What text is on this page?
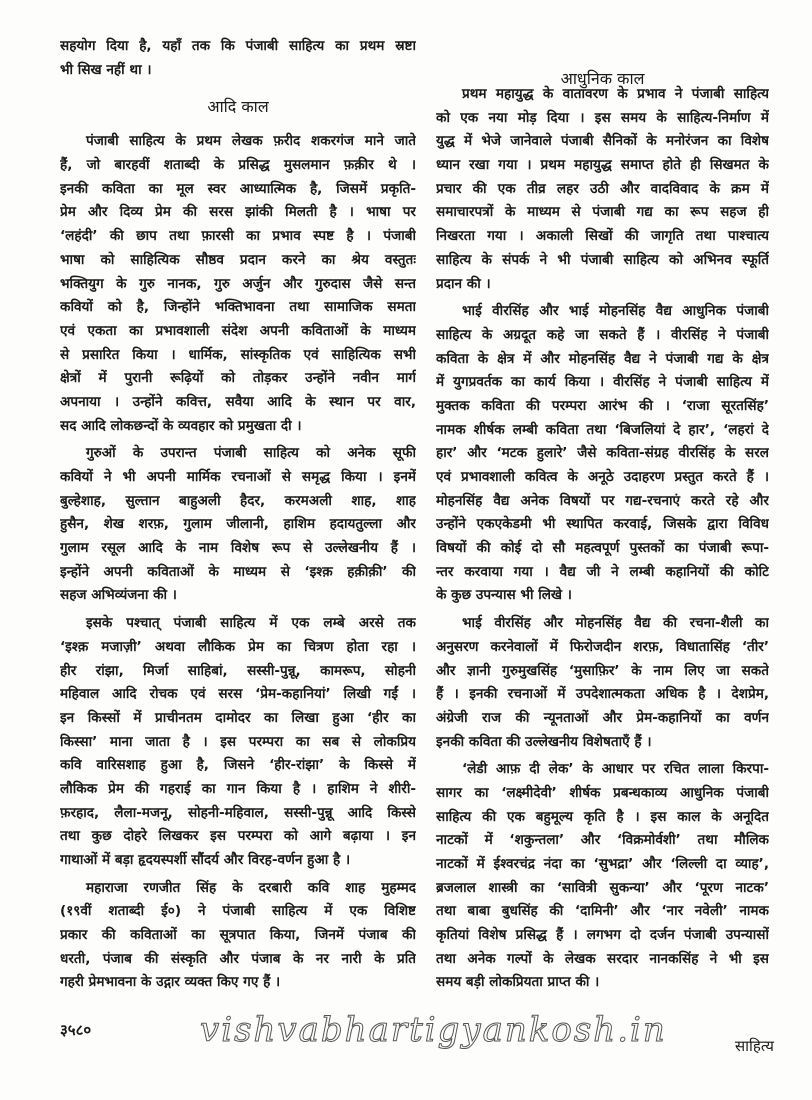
सहयोग दिया है, यहाँ तक कि पंजाबी साहित्य का प्रथम स्रष्टा
भी सिख नहीं था ।
आदि काल
पंजाबी साहित्य के प्रथम लेखक फ़रीद शकरगंज माने जाते
हैं, जो बारहवीं शताब्दी के प्रसिद्ध मुसलमान फ़क़ीर थे ।
इनकी कविता का मूल स्वर आध्यात्मिक है, जिसमें प्रकृति-
प्रेम और दिव्य प्रेम की सरस झांकी मिलती है । भाषा पर
‘लहंदी’ की छाप तथा फ़ारसी का प्रभाव स्पष्ट है । पंजाबी
भाषा को साहित्यिक सौष्ठव प्रदान करने का श्रेय वस्तुतः
भक्तियुग के गुरु नानक, गुरु अर्जुन और गुरुदास जैसे सन्त
कवियों को है, जिन्होंने भक्तिभावना तथा सामाजिक समता
एवं एकता का प्रभावशाली संदेश अपनी कविताओं के माध्यम
से प्रसारित किया । धार्मिक, सांस्कृतिक एवं साहित्यिक सभी
क्षेत्रों में पुरानी रूढ़ियों को तोड़कर उन्होंने नवीन मार्ग
अपनाया । उन्होंने कवित्त, सवैया आदि के स्थान पर वार,
सद आदि लोकछन्दों के व्यवहार को प्रमुखता दी ।
गुरुओं के उपरान्त पंजाबी साहित्य को अनेक सूफी
कवियों ने भी अपनी मार्मिक रचनाओं से समृद्ध किया । इनमें
बुल्हेशाह, सुल्तान बाहुअली हैदर, करमअली शाह, शाह
हुसैन, शेख शरफ़, गुलाम जीलानी, हाशिम हदायतुल्ला और
गुलाम रसूल आदि के नाम विशेष रूप से उल्लेखनीय हैं ।
इन्होंने अपनी कविताओं के माध्यम से ‘इश्क़ हक़ीक़ी’ की
सहज अभिव्यंजना की ।
इसके पश्चात् पंजाबी साहित्य में एक लम्बे अरसे तक
‘इश्क़ मजाज़ी’ अथवा लौकिक प्रेम का चित्रण होता रहा ।
हीर रांझा, मिर्जा साहिबां, सस्सी-पुन्नू, कामरूप, सोहनी
महिवाल आदि रोचक एवं सरस ‘प्रेम-कहानियां’ लिखी गईं ।
इन किस्सों में प्राचीनतम दामोदर का लिखा हुआ ‘हीर का
किस्सा’ माना जाता है । इस परम्परा का सब से लोकप्रिय
कवि वारिसशाह हुआ है, जिसने ‘हीर-रांझा’ के किस्से में
लौकिक प्रेम की गहराई का गान किया है । हाशिम ने शीरी-
फ़रहाद, लैला-मजनू, सोहनी-महिवाल, सस्सी-पुन्नू आदि किस्से
तथा कुछ दोहरे लिखकर इस परम्परा को आगे बढ़ाया । इन
गाथाओं में बड़ा हृदयस्पर्शी सौंदर्य और विरह-वर्णन हुआ है ।
महाराजा रणजीत सिंह के दरबारी कवि शाह मुहम्मद
(१९वीं शताब्दी ई०) ने पंजाबी साहित्य में एक विशिष्ट
प्रकार की कविताओं का सूत्रपात किया, जिनमें पंजाब की
धरती, पंजाब की संस्कृति और पंजाब के नर नारी के प्रति
गहरी प्रेमभावना के उद्गार व्यक्त किए गए हैं ।
आधुनिक काल
प्रथम महायुद्ध के वातावरण के प्रभाव ने पंजाबी साहित्य
को एक नया मोड़ दिया । इस समय के साहित्य-निर्माण में
युद्ध में भेजे जानेवाले पंजाबी सैनिकों के मनोरंजन का विशेष
ध्यान रखा गया । प्रथम महायुद्ध समाप्त होते ही सिखमत के
प्रचार की एक तीव्र लहर उठी और वादविवाद के क्रम में
समाचारपत्रों के माध्यम से पंजाबी गद्य का रूप सहज ही
निखरता गया । अकाली सिखों की जागृति तथा पाश्चात्य
साहित्य के संपर्क ने भी पंजाबी साहित्य को अभिनव स्फूर्ति
प्रदान की ।
भाई वीरसिंह और भाई मोहनसिंह वैद्य आधुनिक पंजाबी
साहित्य के अग्रदूत कहे जा सकते हैं । वीरसिंह ने पंजाबी
कविता के क्षेत्र में और मोहनसिंह वैद्य ने पंजाबी गद्य के क्षेत्र
में युगप्रवर्तक का कार्य किया । वीरसिंह ने पंजाबी साहित्य में
मुक्तक कविता की परम्परा आरंभ की । ‘राजा सूरतसिंह’
नामक शीर्षक लम्बी कविता तथा ‘बिजलियां दे हार’, ‘लहरां दे
हार’ और ‘मटक हुलारे’ जैसे कविता-संग्रह वीरसिंह के सरल
एवं प्रभावशाली कवित्व के अनूठे उदाहरण प्रस्तुत करते हैं ।
मोहनसिंह वैद्य अनेक विषयों पर गद्य-रचनाएं करते रहे और
उन्होंने एकएकेडमी भी स्थापित करवाई, जिसके द्वारा विविध
विषयों की कोई दो सौ महत्वपूर्ण पुस्तकों का पंजाबी रूपा-
न्तर करवाया गया । वैद्य जी ने लम्बी कहानियों की कोटि
के कुछ उपन्यास भी लिखे ।
भाई वीरसिंह और मोहनसिंह वैद्य की रचना-शैली का
अनुसरण करनेवालों में फिरोजदीन शरफ़, विधातासिंह ‘तीर’
और ज्ञानी गुरुमुखसिंह ‘मुसाफ़िर’ के नाम लिए जा सकते
हैं । इनकी रचनाओं में उपदेशात्मकता अधिक है । देशप्रेम,
अंग्रेजी राज की न्यूनताओं और प्रेम-कहानियों का वर्णन
इनकी कविता की उल्लेखनीय विशेषताएँ हैं ।
‘लेडी आफ़ दी लेक’ के आधार पर रचित लाला किरपा-
सागर का ‘लक्ष्मीदेवी’ शीर्षक प्रबन्धकाव्य आधुनिक पंजाबी
साहित्य की एक बहुमूल्य कृति है । इस काल के अनूदित
नाटकों में ‘शकुन्तला’ और ‘विक्रमोर्वशी’ तथा मौलिक
नाटकों में ईश्वरचंद्र नंदा का ‘सुभद्रा’ और ‘लिल्ली दा व्याह’,
ब्रजलाल शास्त्री का ‘सावित्री सुकन्या’ और ‘पूरण नाटक’
तथा बाबा बुधसिंह की ‘दामिनी’ और ‘नार नवेली’ नामक
कृतियां विशेष प्रसिद्ध हैं । लगभग दो दर्जन पंजाबी उपन्यासों
तथा अनेक गल्पों के लेखक सरदार नानकसिंह ने भी इस
समय बड़ी लोकप्रियता प्राप्त की ।
३५८०	vishvabhartigyankosh.in	साहित्य
